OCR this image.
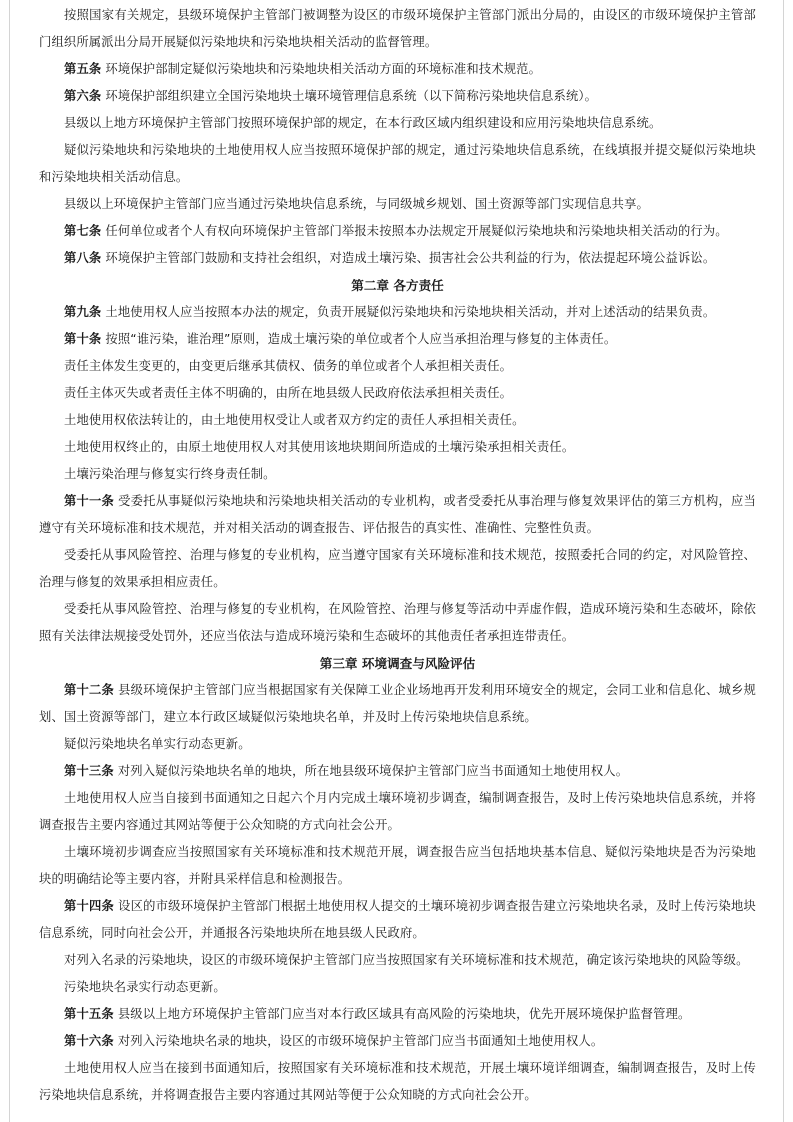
按照国家有关规定，县级环境保护主管部门被调整为设区的市级环境保护主管部门派出分局的，由设区的市级环境保护主管部门组织所属派出分局开展疑似污染地块和污染地块相关活动的监督管理。

第五条 环境保护部制定疑似污染地块和污染地块相关活动方面的环境标准和技术规范。

第六条 环境保护部组织建立全国污染地块土壤环境管理信息系统（以下简称污染地块信息系统）。

县级以上地方环境保护主管部门按照环境保护部的规定，在本行政区域内组织建设和应用污染地块信息系统。

疑似污染地块和污染地块的土地使用权人应当按照环境保护部的规定，通过污染地块信息系统，在线填报并提交疑似污染地块和污染地块相关活动信息。

县级以上环境保护主管部门应当通过污染地块信息系统，与同级城乡规划、国土资源等部门实现信息共享。

第七条 任何单位或者个人有权向环境保护主管部门举报未按照本办法规定开展疑似污染地块和污染地块相关活动的行为。

第八条 环境保护主管部门鼓励和支持社会组织，对造成土壤污染、损害社会公共利益的行为，依法提起环境公益诉讼。

第二章 各方责任

第九条 土地使用权人应当按照本办法的规定，负责开展疑似污染地块和污染地块相关活动，并对上述活动的结果负责。

第十条 按照“谁污染，谁治理”原则，造成土壤污染的单位或者个人应当承担治理与修复的主体责任。

责任主体发生变更的，由变更后继承其债权、债务的单位或者个人承担相关责任。

责任主体灭失或者责任主体不明确的，由所在地县级人民政府依法承担相关责任。

土地使用权依法转让的，由土地使用权受让人或者双方约定的责任人承担相关责任。

土地使用权终止的，由原土地使用权人对其使用该地块期间所造成的土壤污染承担相关责任。

土壤污染治理与修复实行终身责任制。

第十一条 受委托从事疑似污染地块和污染地块相关活动的专业机构，或者受委托从事治理与修复效果评估的第三方机构，应当遵守有关环境标准和技术规范，并对相关活动的调查报告、评估报告的真实性、准确性、完整性负责。

受委托从事风险管控、治理与修复的专业机构，应当遵守国家有关环境标准和技术规范，按照委托合同的约定，对风险管控、治理与修复的效果承担相应责任。

受委托从事风险管控、治理与修复的专业机构，在风险管控、治理与修复等活动中弄虚作假，造成环境污染和生态破坏，除依照有关法律法规接受处罚外，还应当依法与造成环境污染和生态破坏的其他责任者承担连带责任。

第三章 环境调查与风险评估

第十二条 县级环境保护主管部门应当根据国家有关保障工业企业场地再开发利用环境安全的规定，会同工业和信息化、城乡规划、国土资源等部门，建立本行政区域疑似污染地块名单，并及时上传污染地块信息系统。

疑似污染地块名单实行动态更新。

第十三条 对列入疑似污染地块名单的地块，所在地县级环境保护主管部门应当书面通知土地使用权人。

土地使用权人应当自接到书面通知之日起六个月内完成土壤环境初步调查，编制调查报告，及时上传污染地块信息系统，并将调查报告主要内容通过其网站等便于公众知晓的方式向社会公开。

土壤环境初步调查应当按照国家有关环境标准和技术规范开展，调查报告应当包括地块基本信息、疑似污染地块是否为污染地块的明确结论等主要内容，并附具采样信息和检测报告。

第十四条 设区的市级环境保护主管部门根据土地使用权人提交的土壤环境初步调查报告建立污染地块名录，及时上传污染地块信息系统，同时向社会公开，并通报各污染地块所在地县级人民政府。

对列入名录的污染地块，设区的市级环境保护主管部门应当按照国家有关环境标准和技术规范，确定该污染地块的风险等级。

污染地块名录实行动态更新。

第十五条 县级以上地方环境保护主管部门应当对本行政区域具有高风险的污染地块，优先开展环境保护监督管理。

第十六条 对列入污染地块名录的地块，设区的市级环境保护主管部门应当书面通知土地使用权人。

土地使用权人应当在接到书面通知后，按照国家有关环境标准和技术规范，开展土壤环境详细调查，编制调查报告，及时上传污染地块信息系统，并将调查报告主要内容通过其网站等便于公众知晓的方式向社会公开。
